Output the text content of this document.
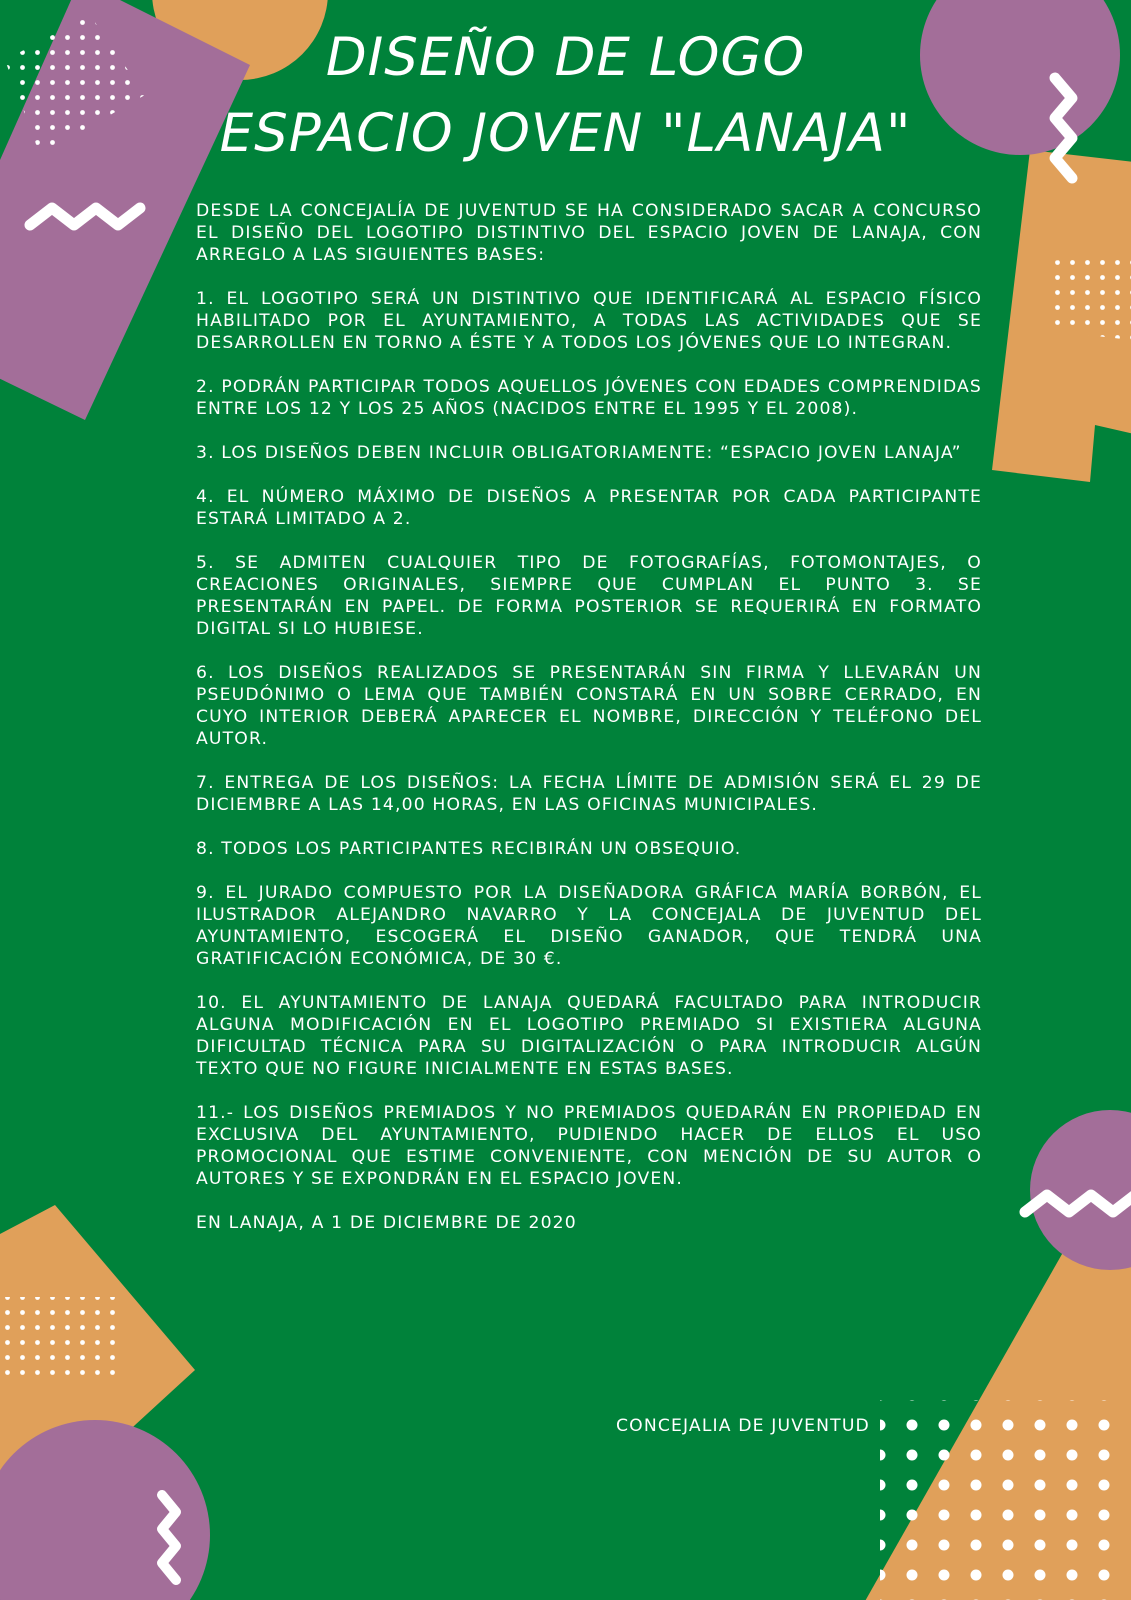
DISEÑO DE LOGO
ESPACIO JOVEN "LANAJA"

DESDE LA CONCEJALÍA DE JUVENTUD SE HA CONSIDERADO SACAR A CONCURSO EL DISEÑO DEL LOGOTIPO DISTINTIVO DEL ESPACIO JOVEN DE LANAJA, CON ARREGLO A LAS SIGUIENTES BASES:

1. EL LOGOTIPO SERÁ UN DISTINTIVO QUE IDENTIFICARÁ AL ESPACIO FÍSICO HABILITADO POR EL AYUNTAMIENTO, A TODAS LAS ACTIVIDADES QUE SE DESARROLLEN EN TORNO A ÉSTE Y A TODOS LOS JÓVENES QUE LO INTEGRAN.

2. PODRÁN PARTICIPAR TODOS AQUELLOS JÓVENES CON EDADES COMPRENDIDAS ENTRE LOS 12 Y LOS 25 AÑOS (NACIDOS ENTRE EL 1995 Y EL 2008).

3. LOS DISEÑOS DEBEN INCLUIR OBLIGATORIAMENTE: “ESPACIO JOVEN LANAJA”

4. EL NÚMERO MÁXIMO DE DISEÑOS A PRESENTAR POR CADA PARTICIPANTE ESTARÁ LIMITADO A 2.

5. SE ADMITEN CUALQUIER TIPO DE FOTOGRAFÍAS, FOTOMONTAJES, O CREACIONES ORIGINALES, SIEMPRE QUE CUMPLAN EL PUNTO 3. SE PRESENTARÁN EN PAPEL. DE FORMA POSTERIOR SE REQUERIRÁ EN FORMATO DIGITAL SI LO HUBIESE.

6. LOS DISEÑOS REALIZADOS SE PRESENTARÁN SIN FIRMA Y LLEVARÁN UN PSEUDÓNIMO O LEMA QUE TAMBIÉN CONSTARÁ EN UN SOBRE CERRADO, EN CUYO INTERIOR DEBERÁ APARECER EL NOMBRE, DIRECCIÓN Y TELÉFONO DEL AUTOR.

7. ENTREGA DE LOS DISEÑOS: LA FECHA LÍMITE DE ADMISIÓN SERÁ EL 29 DE DICIEMBRE A LAS 14,00 HORAS, EN LAS OFICINAS MUNICIPALES.

8. TODOS LOS PARTICIPANTES RECIBIRÁN UN OBSEQUIO.

9. EL JURADO COMPUESTO POR LA DISEÑADORA GRÁFICA MARÍA BORBÓN, EL ILUSTRADOR ALEJANDRO NAVARRO Y LA CONCEJALA DE JUVENTUD DEL AYUNTAMIENTO, ESCOGERÁ EL DISEÑO GANADOR, QUE TENDRÁ UNA GRATIFICACIÓN ECONÓMICA, DE 30 €.

10. EL AYUNTAMIENTO DE LANAJA QUEDARÁ FACULTADO PARA INTRODUCIR ALGUNA MODIFICACIÓN EN EL LOGOTIPO PREMIADO SI EXISTIERA ALGUNA DIFICULTAD TÉCNICA PARA SU DIGITALIZACIÓN O PARA INTRODUCIR ALGÚN TEXTO QUE NO FIGURE INICIALMENTE EN ESTAS BASES.

11.- LOS DISEÑOS PREMIADOS Y NO PREMIADOS QUEDARÁN EN PROPIEDAD EN EXCLUSIVA DEL AYUNTAMIENTO, PUDIENDO HACER DE ELLOS EL USO PROMOCIONAL QUE ESTIME CONVENIENTE, CON MENCIÓN DE SU AUTOR O AUTORES Y SE EXPONDRÁN EN EL ESPACIO JOVEN.

EN LANAJA, A 1 DE DICIEMBRE DE 2020

CONCEJALIA DE JUVENTUD
